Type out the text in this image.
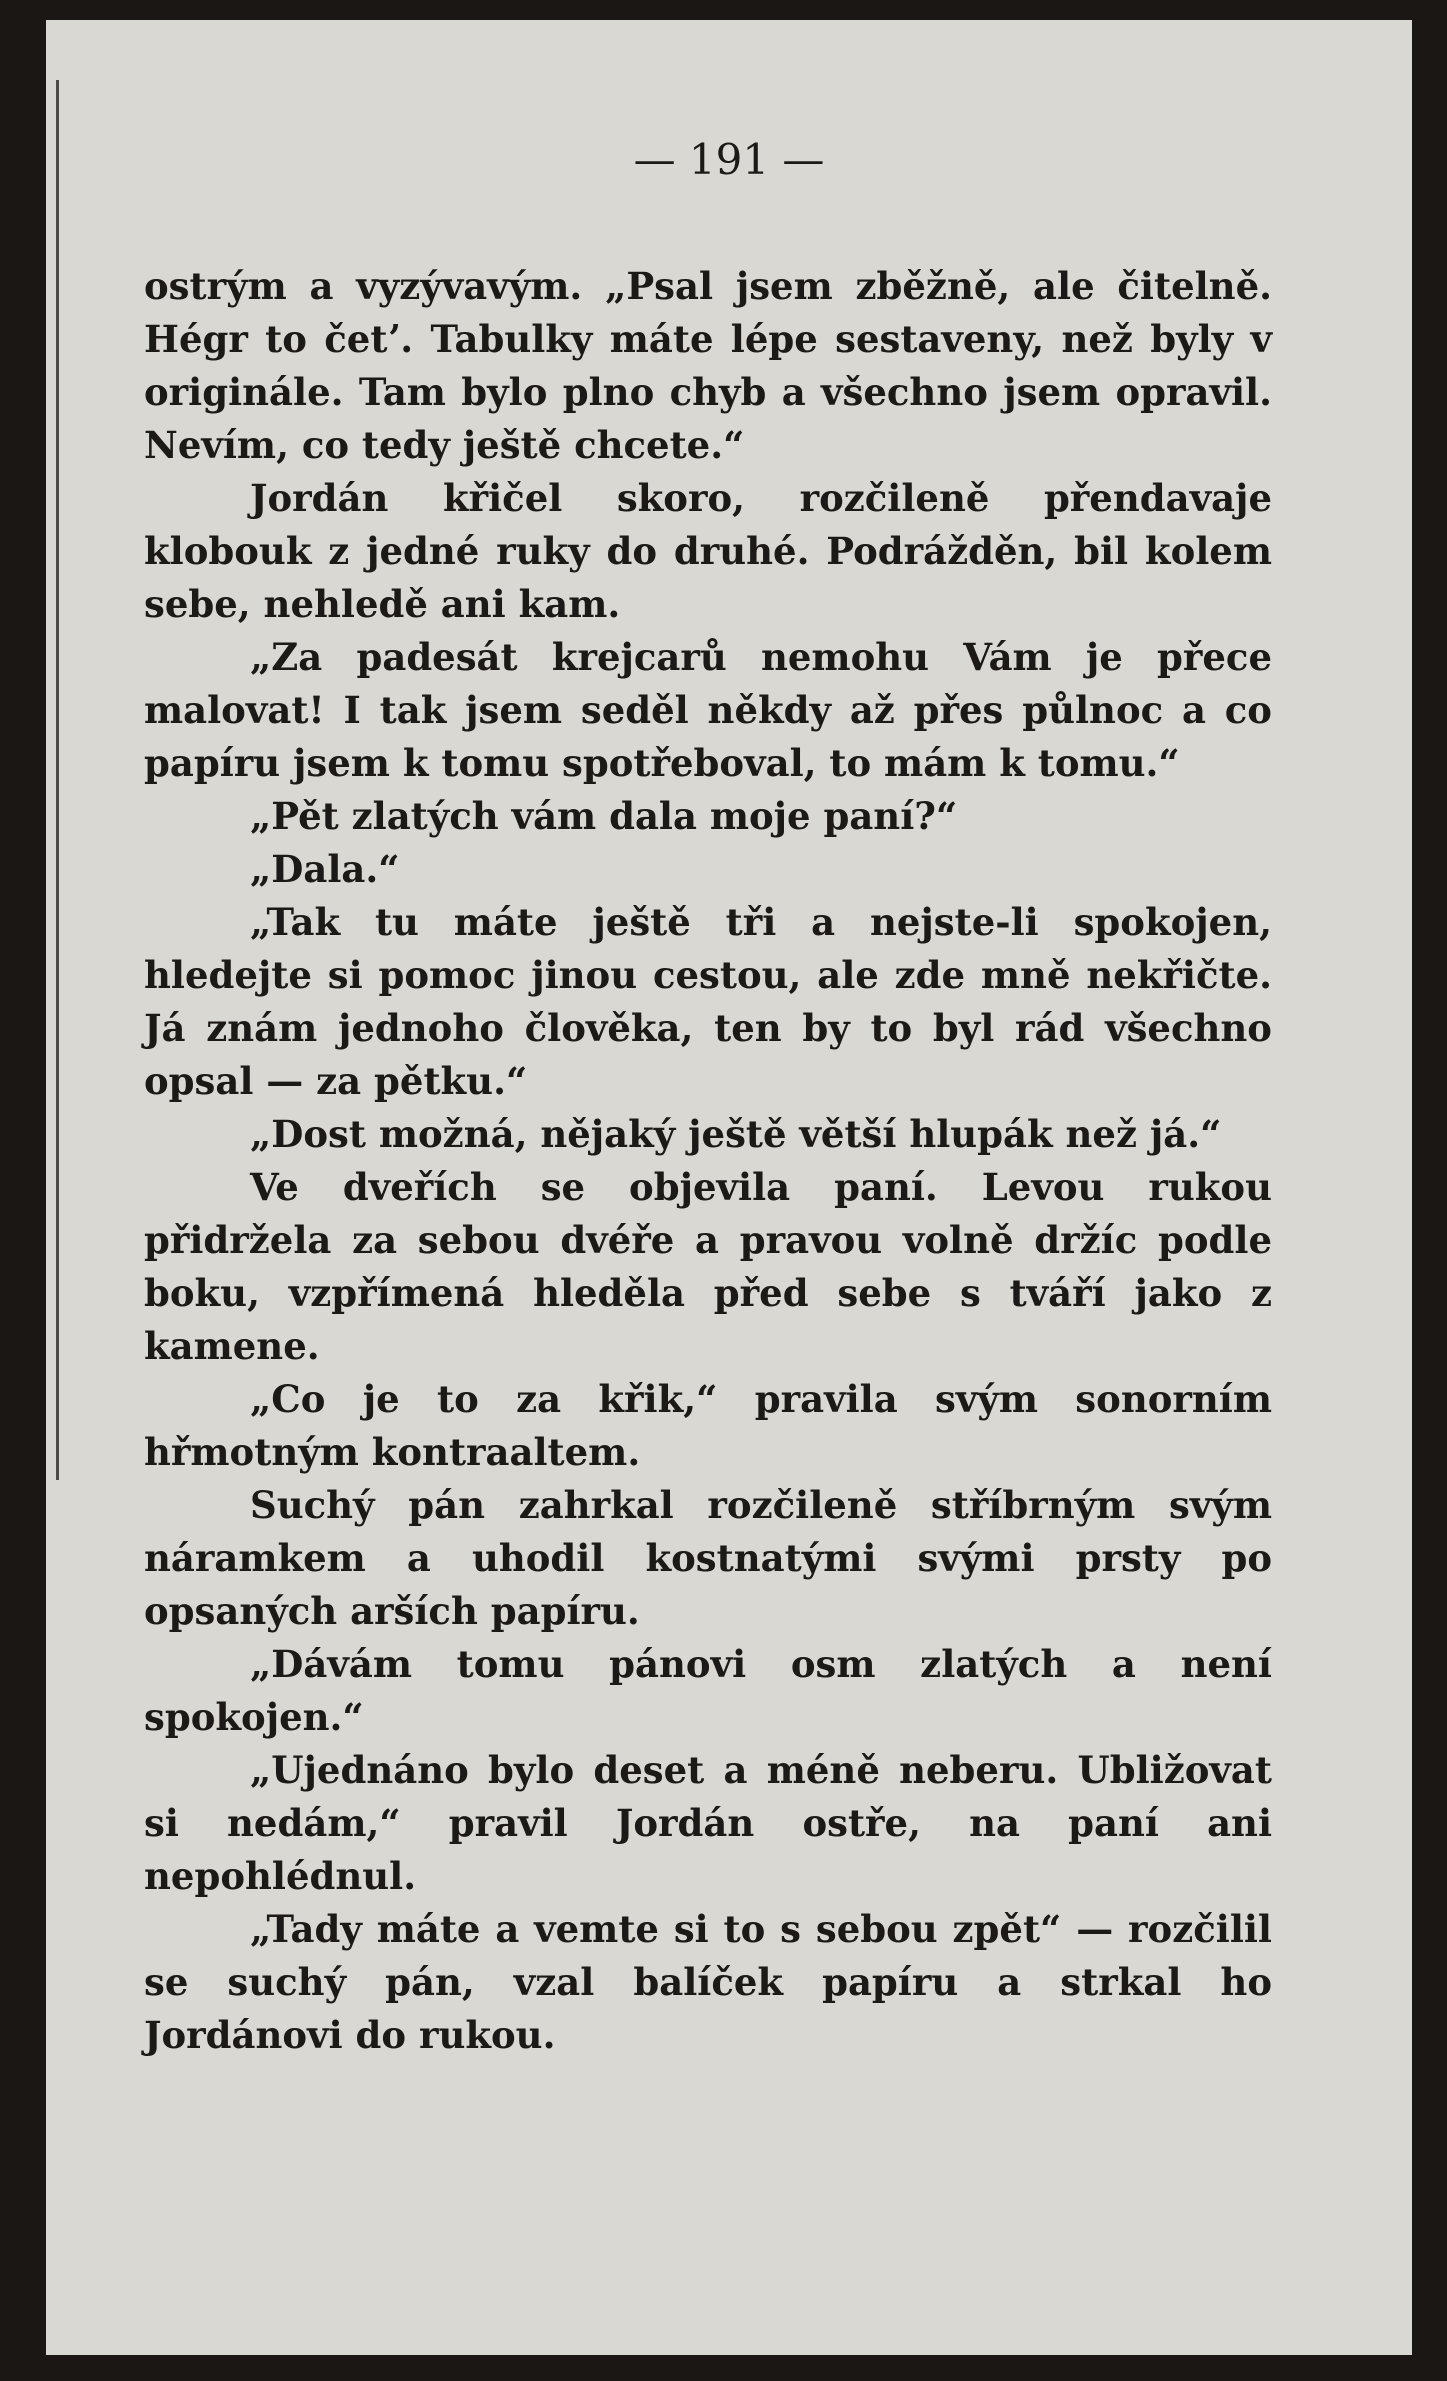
— 191 —

ostrým a vyzývavým. „Psal jsem zběžně, ale čitelně. Hégr to četʼ. Tabulky máte lépe sestaveny, než byly v originále. Tam bylo plno chyb a všechno jsem opravil. Nevím, co tedy ještě chcete.“

Jordán křičel skoro, rozčileně přendavaje klobouk z jedné ruky do druhé. Podrážděn, bil kolem sebe, nehledě ani kam.

„Za padesát krejcarů nemohu Vám je přece malovat! I tak jsem seděl někdy až přes půlnoc a co papíru jsem k tomu spotřeboval, to mám k tomu.“

„Pět zlatých vám dala moje paní?“

„Dala.“

„Tak tu máte ještě tři a nejste-li spokojen, hledejte si pomoc jinou cestou, ale zde mně nekřičte. Já znám jednoho člověka, ten by to byl rád všechno opsal — za pětku.“

„Dost možná, nějaký ještě větší hlupák než já.“

Ve dveřích se objevila paní. Levou rukou přidržela za sebou dvéře a pravou volně držíc podle boku, vzpřímená hleděla před sebe s tváří jako z kamene.

„Co je to za křik,“ pravila svým sonorním hřmotným kontraaltem.

Suchý pán zahrkal rozčileně stříbrným svým náramkem a uhodil kostnatými svými prsty po opsaných arších papíru.

„Dávám tomu pánovi osm zlatých a není spokojen.“

„Ujednáno bylo deset a méně neberu. Ubližovat si nedám,“ pravil Jordán ostře, na paní ani nepohlédnul.

„Tady máte a vemte si to s sebou zpět“ — rozčilil se suchý pán, vzal balíček papíru a strkal ho Jordánovi do rukou.
